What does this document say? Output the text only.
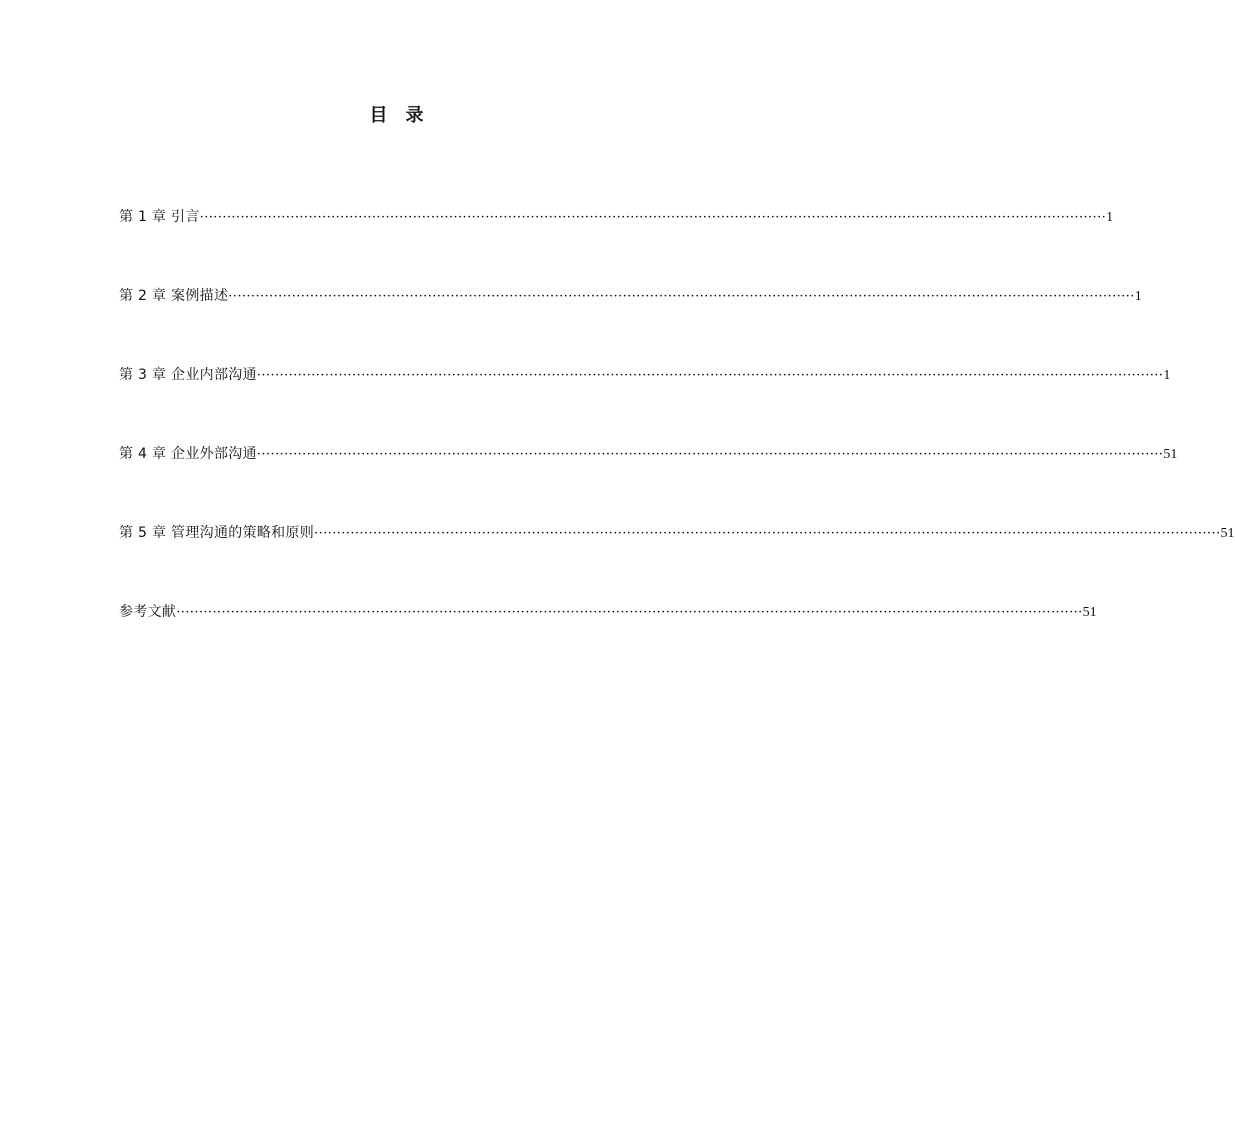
目 录
第 1 章 引言 ········································································································································································································ 1
第 2 章 案例描述 ········································································································································································································ 1
第 3 章 企业内部沟通 ········································································································································································································ 1
第 4 章 企业外部沟通 ········································································································································································································ 51
第 5 章 管理沟通的策略和原则 ········································································································································································································ 51
参考文献 ········································································································································································································ 51
